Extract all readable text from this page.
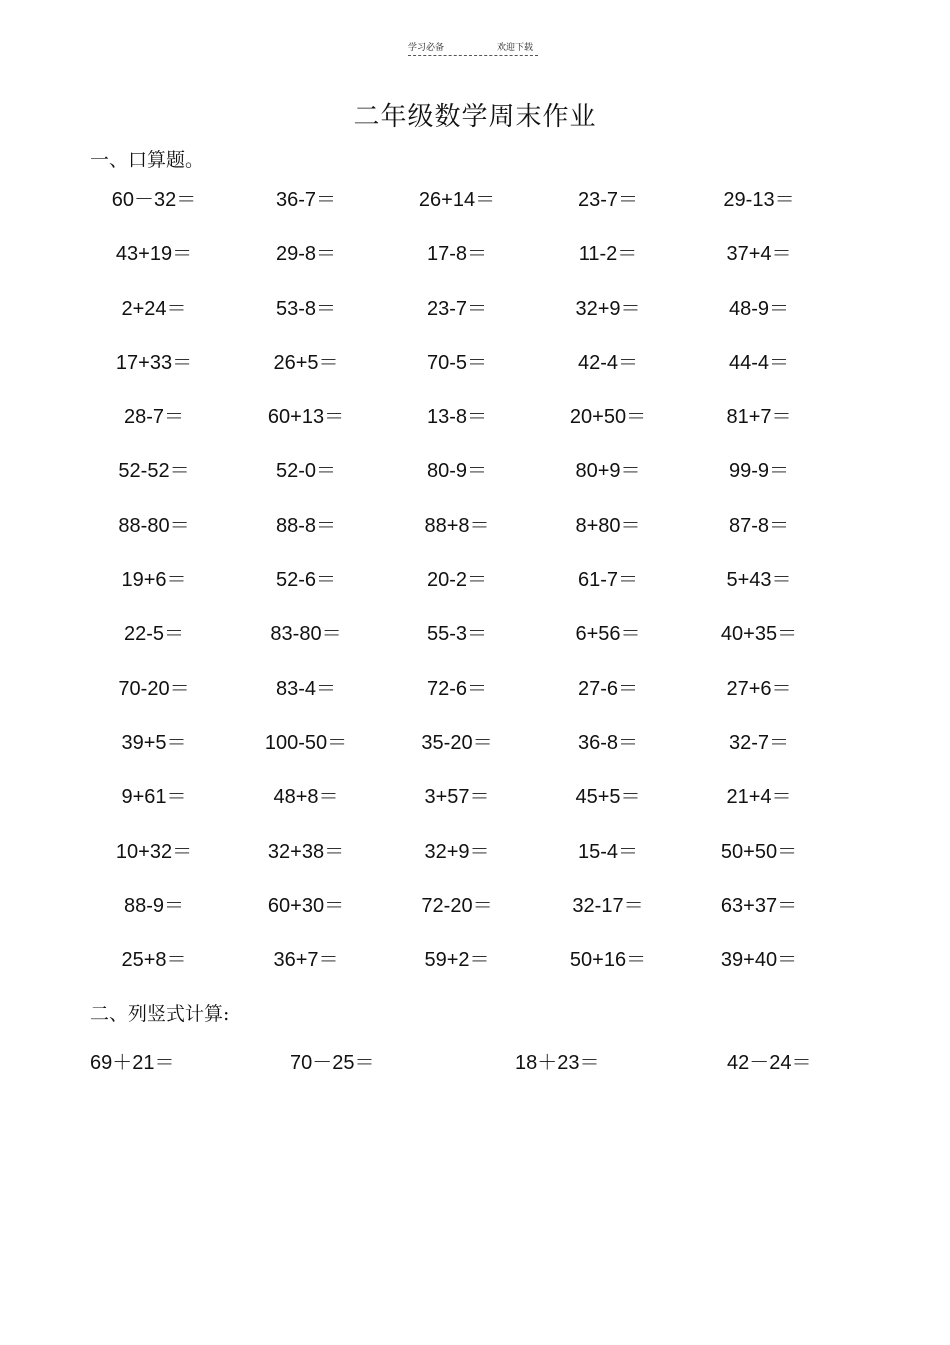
学习必备	欢迎下载
二年级数学周末作业
一、口算题。
60－32＝	36-7＝	26+14＝	23-7＝	29-13＝
43+19＝	29-8＝	17-8＝	11-2＝	37+4＝
2+24＝	53-8＝	23-7＝	32+9＝	48-9＝
17+33＝	26+5＝	70-5＝	42-4＝	44-4＝
28-7＝	60+13＝	13-8＝	20+50＝	81+7＝
52-52＝	52-0＝	80-9＝	80+9＝	99-9＝
88-80＝	88-8＝	88+8＝	8+80＝	87-8＝
19+6＝	52-6＝	20-2＝	61-7＝	5+43＝
22-5＝	83-80＝	55-3＝	6+56＝	40+35＝
70-20＝	83-4＝	72-6＝	27-6＝	27+6＝
39+5＝	100-50＝	35-20＝	36-8＝	32-7＝
9+61＝	48+8＝	3+57＝	45+5＝	21+4＝
10+32＝	32+38＝	32+9＝	15-4＝	50+50＝
88-9＝	60+30＝	72-20＝	32-17＝	63+37＝
25+8＝	36+7＝	59+2＝	50+16＝	39+40＝
二、列竖式计算:
69＋21＝	70－25＝	18＋23＝	42－24＝
